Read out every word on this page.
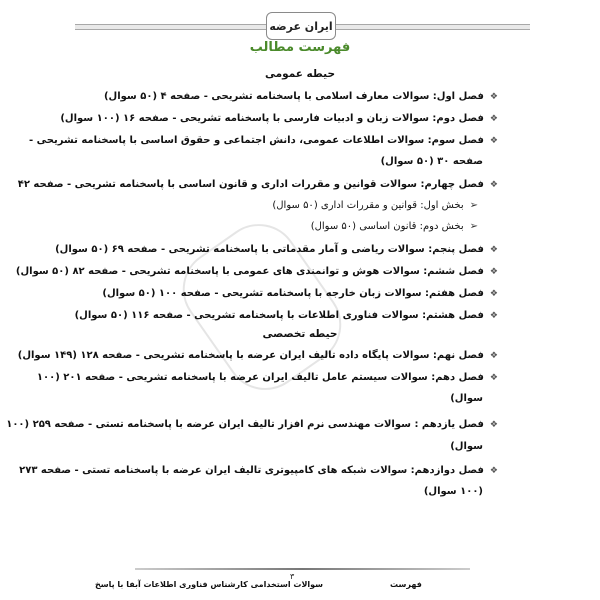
ایران عرضه
فهرست مطالب
حیطه عمومی
❖فصل اول: سوالات معارف اسلامی با پاسخنامه تشریحی - صفحه ۴ (۵۰ سوال)
❖فصل دوم: سوالات زبان و ادبیات فارسی با پاسخنامه تشریحی - صفحه ۱۶ (۱۰۰ سوال)
❖فصل سوم: سوالات اطلاعات عمومی، دانش اجتماعی و حقوق اساسی با پاسخنامه تشریحی -
صفحه ۳۰ (۵۰ سوال)
❖فصل چهارم: سوالات قوانین و مقررات اداری و قانون اساسی با پاسخنامه تشریحی - صفحه ۴۲
➢بخش اول: قوانین و مقررات اداری (۵۰ سوال)
➢بخش دوم: قانون اساسی (۵۰ سوال)
❖فصل پنجم: سوالات ریاضی و آمار مقدماتی با پاسخنامه تشریحی - صفحه ۶۹ (۵۰ سوال)
❖فصل ششم: سوالات هوش و توانمندی های عمومی با پاسخنامه تشریحی - صفحه ۸۲ (۵۰ سوال)
❖فصل هفتم: سوالات زبان خارجه با پاسخنامه تشریحی - صفحه ۱۰۰ (۵۰ سوال)
❖فصل هشتم: سوالات فناوری اطلاعات با پاسخنامه تشریحی - صفحه ۱۱۶ (۵۰ سوال)
حیطه تخصصی
❖فصل نهم: سوالات پایگاه داده تالیف ایران عرضه با پاسخنامه تشریحی - صفحه ۱۲۸ (۱۴۹ سوال)
❖فصل دهم: سوالات سیستم عامل تالیف ایران عرضه با پاسخنامه تشریحی - صفحه ۲۰۱ (۱۰۰
سوال)
❖فصل یازدهم : سوالات مهندسی نرم افزار تالیف ایران عرضه با پاسخنامه تستی - صفحه ۲۵۹ (۱۰۰
سوال)
❖فصل دوازدهم: سوالات شبکه های کامپیوتری تالیف ایران عرضه با پاسخنامه تستی - صفحه ۲۷۳
(۱۰۰ سوال)
۳
فهرست
سوالات استخدامی کارشناس فناوری اطلاعات آبفا با پاسخ
